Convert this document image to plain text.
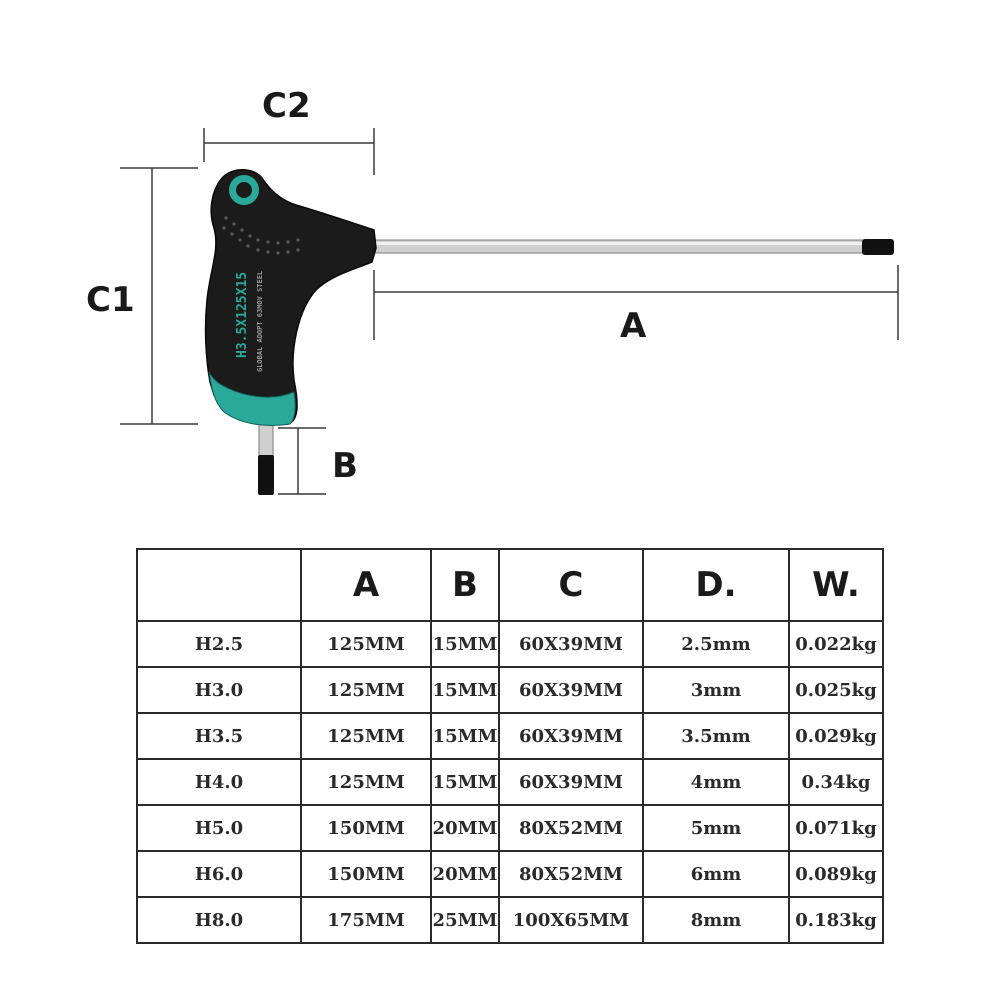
C2
C1
A
B
H3.5X125X15 GLOBAL ADOPT 63MOV STEEL
	A	B	C	D.	W.
H2.5	125MM	15MM	60X39MM	2.5mm	0.022kg
H3.0	125MM	15MM	60X39MM	3mm	0.025kg
H3.5	125MM	15MM	60X39MM	3.5mm	0.029kg
H4.0	125MM	15MM	60X39MM	4mm	0.34kg
H5.0	150MM	20MM	80X52MM	5mm	0.071kg
H6.0	150MM	20MM	80X52MM	6mm	0.089kg
H8.0	175MM	25MM	100X65MM	8mm	0.183kg
